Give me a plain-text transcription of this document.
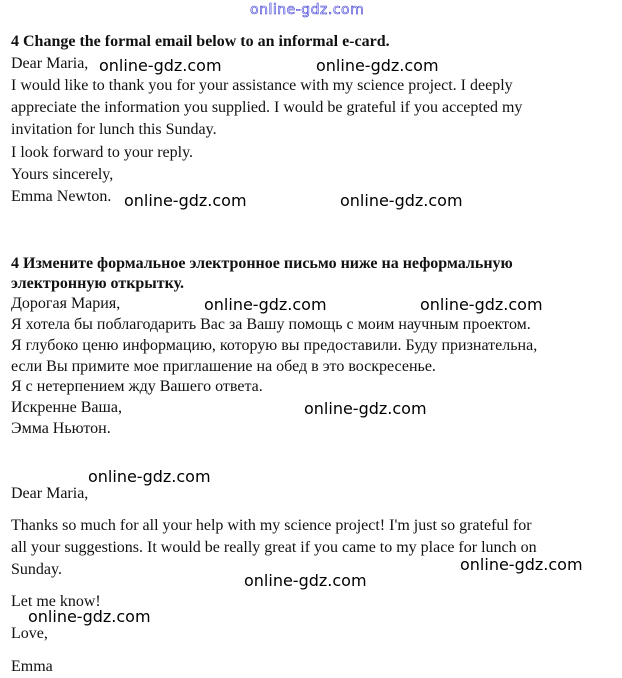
online-gdz.com
4 Change the formal email below to an informal e-card.
Dear Maria,
I would like to thank you for your assistance with my science project. I deeply
appreciate the information you supplied. I would be grateful if you accepted my
invitation for lunch this Sunday.
I look forward to your reply.
Yours sincerely,
Emma Newton.
4 Измените формальное электронное письмо ниже на неформальную
электронную открытку.
Дорогая Мария,
Я хотела бы поблагодарить Вас за Вашу помощь с моим научным проектом.
Я глубоко ценю информацию, которую вы предоставили. Буду признательна,
если Вы примите мое приглашение на обед в это воскресенье.
Я с нетерпением жду Вашего ответа.
Искренне Ваша,
Эмма Ньютон.
Dear Maria,
Thanks so much for all your help with my science project! I'm just so grateful for
all your suggestions. It would be really great if you came to my place for lunch on
Sunday.
Let me know!
Love,
Emma
online-gdz.com	online-gdz.com
online-gdz.com	online-gdz.com
online-gdz.com	online-gdz.com
online-gdz.com
online-gdz.com
online-gdz.com
online-gdz.com
online-gdz.com
